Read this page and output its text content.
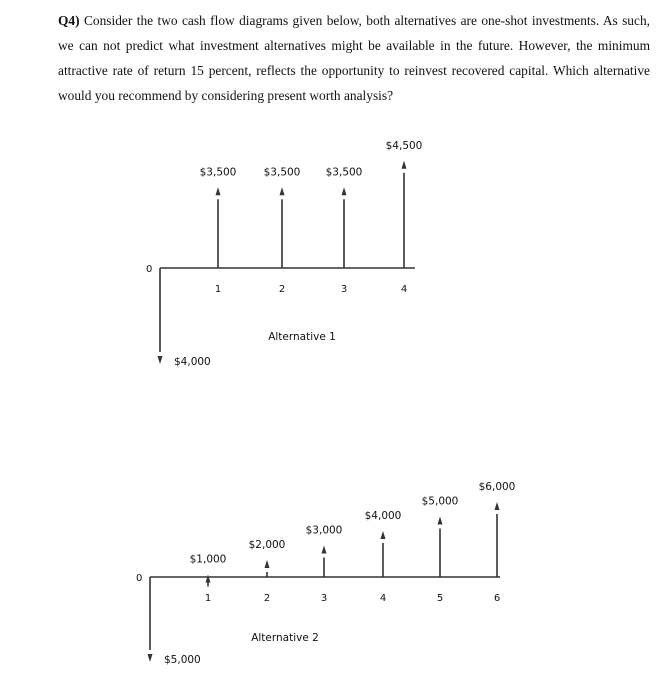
Q4) Consider the two cash flow diagrams given below, both alternatives are one-shot investments. As such, we can not predict what investment alternatives might be available in the future. However, the minimum attractive rate of return 15 percent, reflects the opportunity to reinvest recovered capital. Which alternative would you recommend by considering present worth analysis?
0
1	2	3	4
$4,000
$3,500	$3,500 $3,500
$4,500
Alternative 1
0
1	2	3	4	5	6
$5,000
$1,000
$2,000
$3,000
$4,000
$5,000
$6,000
Alternative 2
